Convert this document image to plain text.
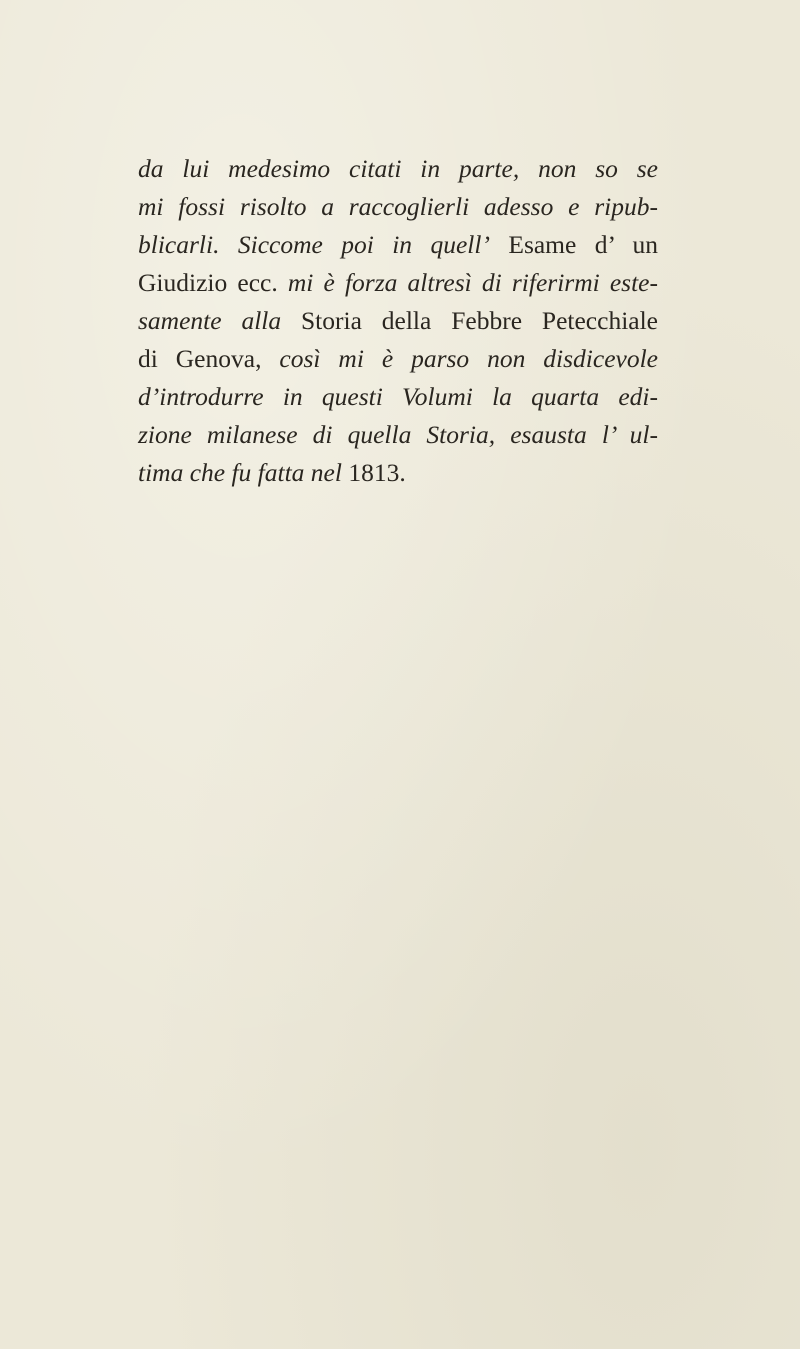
da lui medesimo citati in parte, non so se
mi fossi risolto a raccoglierli adesso e ripub-
blicarli. Siccome poi in quell’ Esame d’ un
Giudizio ecc. mi è forza altresì di riferirmi este-
samente alla Storia della Febbre Petecchiale
di Genova, così mi è parso non disdicevole
d’introdurre in questi Volumi la quarta edi-
zione milanese di quella Storia, esausta l’ ul-
tima che fu fatta nel 1813.
